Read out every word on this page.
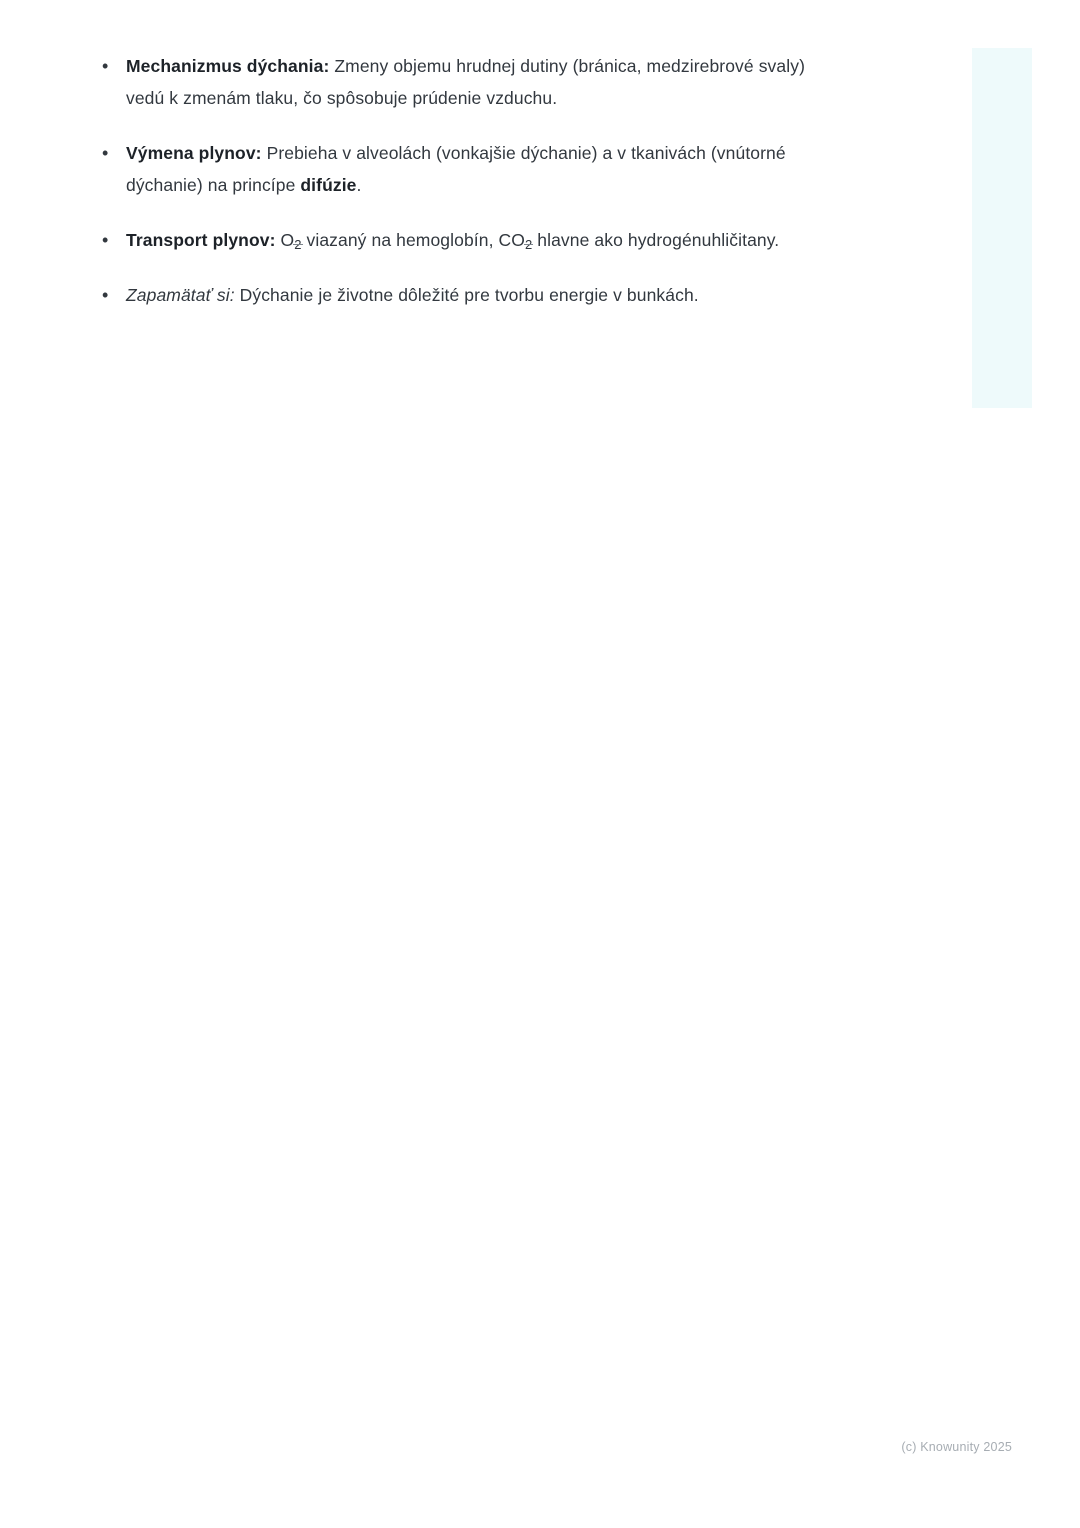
• Mechanizmus dýchania: Zmeny objemu hrudnej dutiny (bránica, medzirebrové svaly) vedú k zmenám tlaku, čo spôsobuje prúdenie vzduchu.
• Výmena plynov: Prebieha v alveolách (vonkajšie dýchanie) a v tkanivách (vnútorné dýchanie) na princípe difúzie.
• Transport plynov: $O_2$ viazaný na hemoglobín, $CO_2$ hlavne ako hydrogénuhličitany.
• Zapamätať si: Dýchanie je životne dôležité pre tvorbu energie v bunkách.
(c) Knowunity 2025
